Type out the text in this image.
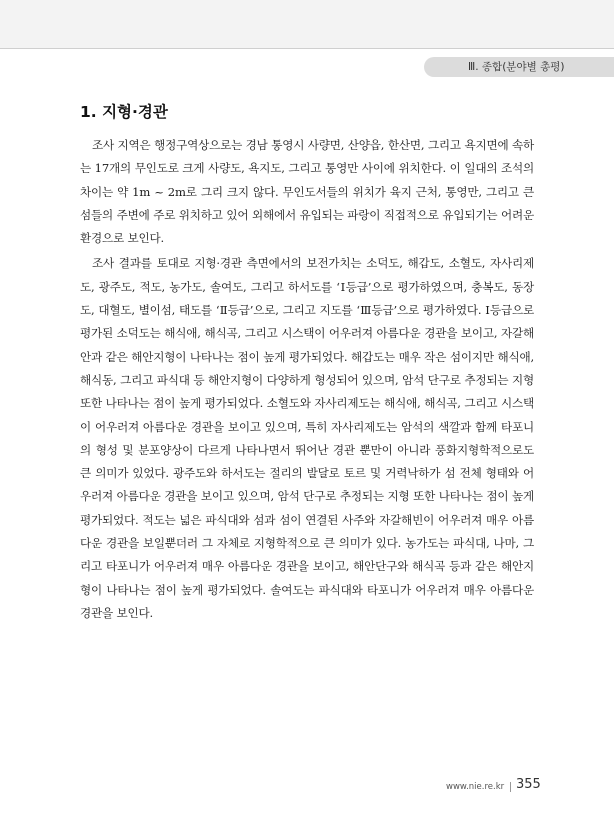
Ⅲ. 종합(분야별 총평)
1. 지형·경관

조사 지역은 행정구역상으로는 경남 통영시 사량면, 산양읍, 한산면, 그리고 욕지면에 속하는 17개의 무인도로 크게 사량도, 욕지도, 그리고 통영만 사이에 위치한다. 이 일대의 조석의 차이는 약 1m ~ 2m로 그리 크지 않다. 무인도서들의 위치가 육지 근처, 통영만, 그리고 큰 섬들의 주변에 주로 위치하고 있어 외해에서 유입되는 파랑이 직접적으로 유입되기는 어려운 환경으로 보인다.

조사 결과를 토대로 지형·경관 측면에서의 보전가치는 소덕도, 해갑도, 소혈도, 자사리제도, 광주도, 적도, 농가도, 솔여도, 그리고 하서도를 ‘Ⅰ등급’으로 평가하였으며, 충복도, 동장도, 대혈도, 별이섬, 태도를 ‘Ⅱ등급’으로, 그리고 지도를 ‘Ⅲ등급’으로 평가하였다. Ⅰ등급으로 평가된 소덕도는 해식애, 해식곡, 그리고 시스택이 어우러져 아름다운 경관을 보이고, 자갈해안과 같은 해안지형이 나타나는 점이 높게 평가되었다. 해갑도는 매우 작은 섬이지만 해식애, 해식동, 그리고 파식대 등 해안지형이 다양하게 형성되어 있으며, 암석 단구로 추정되는 지형 또한 나타나는 점이 높게 평가되었다. 소혈도와 자사리제도는 해식애, 해식곡, 그리고 시스택이 어우러져 아름다운 경관을 보이고 있으며, 특히 자사리제도는 암석의 색깔과 함께 타포니의 형성 및 분포양상이 다르게 나타나면서 뛰어난 경관 뿐만이 아니라 풍화지형학적으로도 큰 의미가 있었다. 광주도와 하서도는 절리의 발달로 토르 및 거력낙하가 섬 전체 형태와 어우러져 아름다운 경관을 보이고 있으며, 암석 단구로 추정되는 지형 또한 나타나는 점이 높게 평가되었다. 적도는 넓은 파식대와 섬과 섬이 연결된 사주와 자갈해빈이 어우러져 매우 아름다운 경관을 보일뿐더러 그 자체로 지형학적으로 큰 의미가 있다. 농가도는 파식대, 나마, 그리고 타포니가 어우러져 매우 아름다운 경관을 보이고, 해안단구와 해식곡 등과 같은 해안지형이 나타나는 점이 높게 평가되었다. 솔여도는 파식대와 타포니가 어우러져 매우 아름다운 경관을 보인다.

www.nie.re.kr 355
